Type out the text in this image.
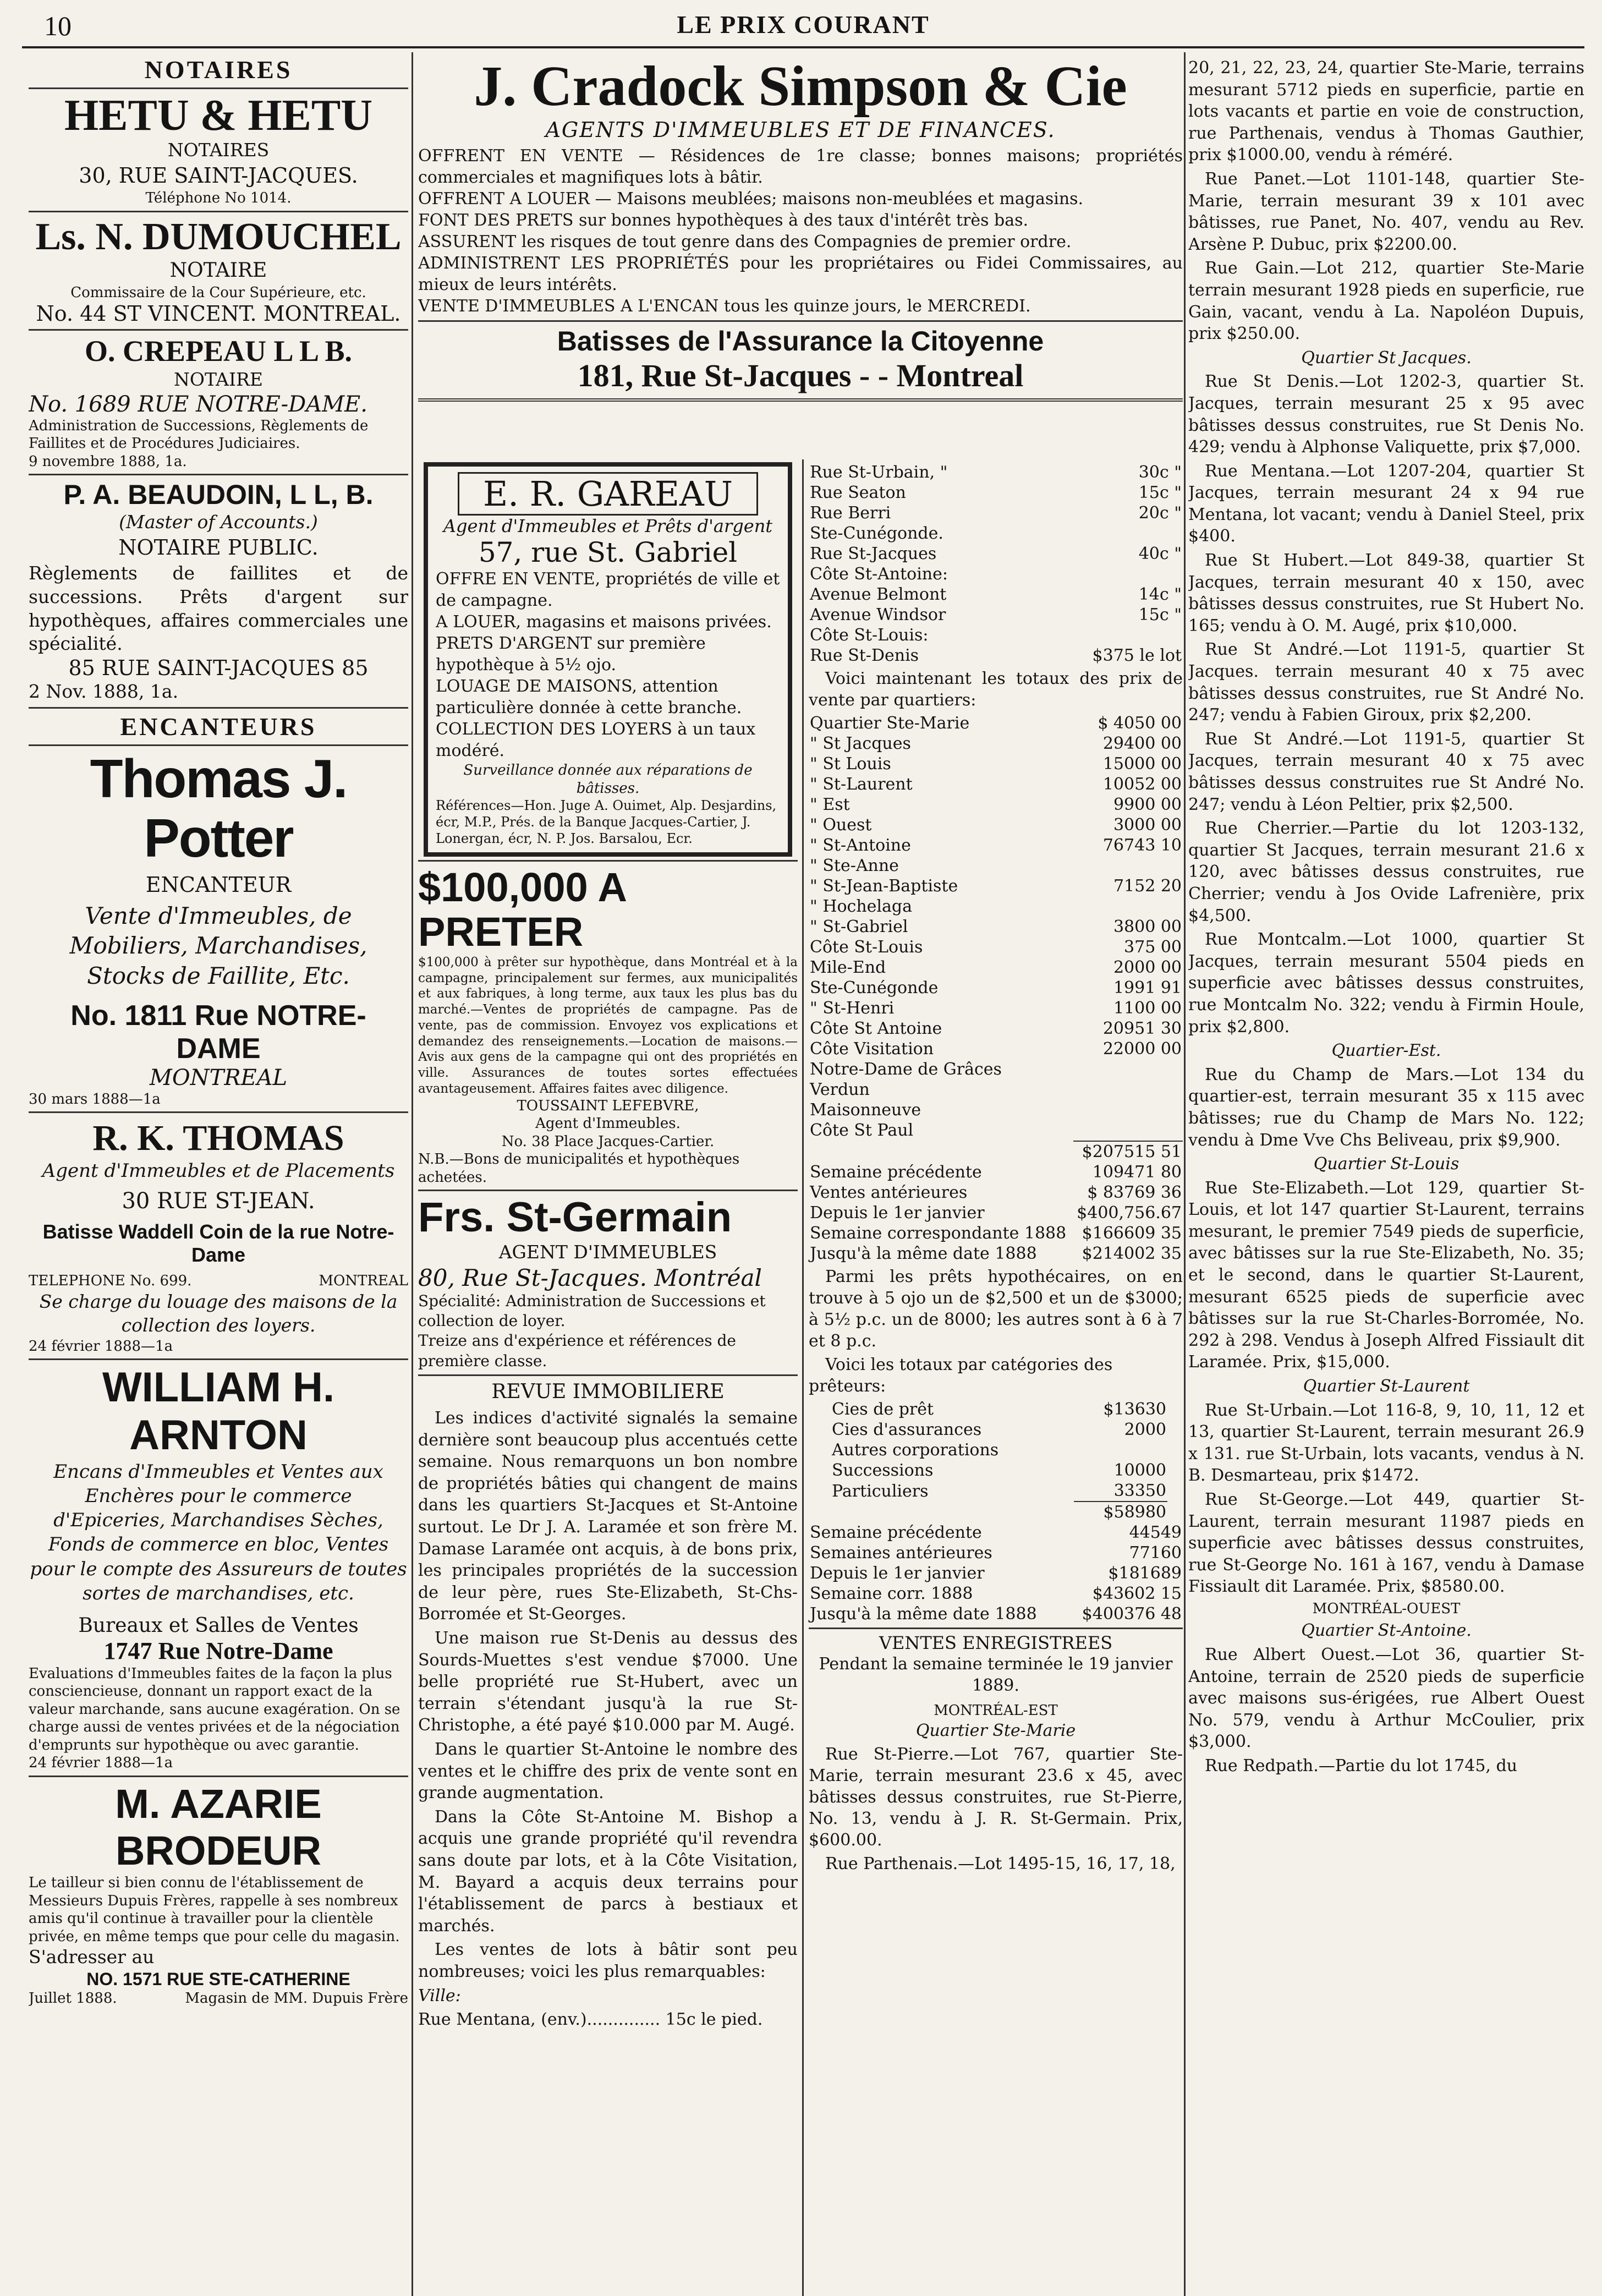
10	LE PRIX COURANT
NOTAIRES
HETU & HETU
NOTAIRES
30, RUE SAINT-JACQUES.
Téléphone No 1014.
Ls. N. DUMOUCHEL
NOTAIRE
Commissaire de la Cour Supérieure, etc.
No. 44 ST VINCENT. MONTREAL.
O. CREPEAU L L B.
NOTAIRE
No. 1689 RUE NOTRE-DAME.
Administration de Successions, Règlements de Faillites et de Procédures Judiciaires.
9 novembre 1888, 1a.
P. A. BEAUDOIN, L L, B.
(Master of Accounts.)
NOTAIRE PUBLIC.
Règlements de faillites et de successions. Prêts d'argent sur hypothèques, affaires commerciales une spécialité.
85 RUE SAINT-JACQUES 85
2 Nov. 1888, 1a.
ENCANTEURS
Thomas J. Potter
ENCANTEUR
Vente d'Immeubles, de Mobiliers, Marchandises, Stocks de Faillite, Etc.
No. 1811 Rue NOTRE-DAME
MONTREAL
30 mars 1888—1a
R. K. THOMAS
Agent d'Immeubles et de Placements
30 RUE ST-JEAN.
Batisse Waddell Coin de la rue Notre-Dame
TELEPHONE No. 699.	MONTREAL
Se charge du louage des maisons de la collection des loyers.
24 février 1888—1a
WILLIAM H. ARNTON
Encans d'Immeubles et Ventes aux Enchères pour le commerce d'Epiceries, Marchandises Sèches, Fonds de commerce en bloc, Ventes pour le compte des Assureurs de toutes sortes de marchandises, etc.
Bureaux et Salles de Ventes
1747 Rue Notre-Dame
Evaluations d'Immeubles faites de la façon la plus consciencieuse, donnant un rapport exact de la valeur marchande, sans aucune exagération. On se charge aussi de ventes privées et de la négociation d'emprunts sur hypothèque ou avec garantie.
24 février 1888—1a
M. AZARIE BRODEUR
Le tailleur si bien connu de l'établissement de Messieurs Dupuis Frères, rappelle à ses nombreux amis qu'il continue à travailler pour la clientèle privée, en même temps que pour celle du magasin.
S'adresser au
NO. 1571 RUE STE-CATHERINE
Juillet 1888.	Magasin de MM. Dupuis Frère
J. Cradock Simpson & Cie
AGENTS D'IMMEUBLES ET DE FINANCES.
OFFRENT EN VENTE — Résidences de 1re classe; bonnes maisons; propriétés commerciales et magnifiques lots à bâtir.
OFFRENT A LOUER — Maisons meublées; maisons non-meublées et magasins.
FONT DES PRETS sur bonnes hypothèques à des taux d'intérêt très bas.
ASSURENT les risques de tout genre dans des Compagnies de premier ordre.
ADMINISTRENT LES PROPRIÉTÉS pour les propriétaires ou Fidei Commissaires, au mieux de leurs intérêts.
VENTE D'IMMEUBLES A L'ENCAN tous les quinze jours, le MERCREDI.
Batisses de l'Assurance la Citoyenne
181, Rue St-Jacques - - Montreal
E. R. GAREAU
Agent d'Immeubles et Prêts d'argent
57, rue St. Gabriel
OFFRE EN VENTE, propriétés de ville et de campagne.
A LOUER, magasins et maisons privées.
PRETS D'ARGENT sur première hypothèque à 5½ ojo.
LOUAGE DE MAISONS, attention particulière donnée à cette branche.
COLLECTION DES LOYERS à un taux modéré.
Surveillance donnée aux réparations de bâtisses.
Références—Hon. Juge A. Ouimet, Alp. Desjardins, écr, M.P., Prés. de la Banque Jacques-Cartier, J. Lonergan, écr, N. P. Jos. Barsalou, Ecr.
$100,000 A PRETER
$100,000 à prêter sur hypothèque, dans Montréal et à la campagne, principalement sur fermes, aux municipalités et aux fabriques, à long terme, aux taux les plus bas du marché.—Ventes de propriétés de campagne. Pas de vente, pas de commission. Envoyez vos explications et demandez des renseignements.—Location de maisons.—Avis aux gens de la campagne qui ont des propriétés en ville. Assurances de toutes sortes effectuées avantageusement. Affaires faites avec diligence.
TOUSSAINT LEFEBVRE,
Agent d'Immeubles.
No. 38 Place Jacques-Cartier.
N.B.—Bons de municipalités et hypothèques achetées.
Frs. St-Germain
AGENT D'IMMEUBLES
80, Rue St-Jacques. Montréal
Spécialité: Administration de Successions et collection de loyer.
Treize ans d'expérience et références de première classe.
REVUE IMMOBILIERE

Les indices d'activité signalés la semaine dernière sont beaucoup plus accentués cette semaine. Nous remarquons un bon nombre de propriétés bâties qui changent de mains dans les quartiers St-Jacques et St-Antoine surtout. Le Dr J. A. Laramée et son frère M. Damase Laramée ont acquis, à de bons prix, les principales propriétés de la succession de leur père, rues Ste-Elizabeth, St-Chs-Borromée et St-Georges.

Une maison rue St-Denis au dessus des Sourds-Muettes s'est vendue $7000. Une belle propriété rue St-Hubert, avec un terrain s'étendant jusqu'à la rue St-Christophe, a été payé $10.000 par M. Augé.

Dans le quartier St-Antoine le nombre des ventes et le chiffre des prix de vente sont en grande augmentation.

Dans la Côte St-Antoine M. Bishop a acquis une grande propriété qu'il revendra sans doute par lots, et à la Côte Visitation, M. Bayard a acquis deux terrains pour l'établissement de parcs à bestiaux et marchés.

Les ventes de lots à bâtir sont peu nombreuses; voici les plus remarquables:

Ville:

Rue Mentana, (env.).............. 15c le pied.

Rue St-Urbain, "	30c "
Rue Seaton	15c "
Rue Berri	20c "
Ste-Cunégonde.	
Rue St-Jacques	40c "
Côte St-Antoine:	
Avenue Belmont	14c "
Avenue Windsor	15c "
Côte St-Louis:	
Rue St-Denis	$375 le lot

Voici maintenant les totaux des prix de vente par quartiers:

Quartier Ste-Marie	$ 4050 00
" St Jacques	29400 00
" St Louis	15000 00
" St-Laurent	10052 00
" Est	9900 00
" Ouest	3000 00
" St-Antoine	76743 10
" Ste-Anne	
" St-Jean-Baptiste	7152 20
" Hochelaga	
" St-Gabriel	3800 00
Côte St-Louis	375 00
Mile-End	2000 00
Ste-Cunégonde	1991 91
" St-Henri	1100 00
Côte St Antoine	20951 30
Côte Visitation	22000 00
Notre-Dame de Grâces	
Verdun	
Maisonneuve	
Côte St Paul	
	$207515 51
Semaine précédente	109471 80
Ventes antérieures	$ 83769 36
Depuis le 1er janvier	$400,756.67
Semaine correspondante 1888	$166609 35
Jusqu'à la même date 1888	$214002 35

Parmi les prêts hypothécaires, on en trouve à 5 ojo un de $2,500 et un de $3000; à 5½ p.c. un de 8000; les autres sont à 6 à 7 et 8 p.c.

Voici les totaux par catégories des prêteurs:

Cies de prêt	$13630
Cies d'assurances	2000
Autres corporations	
Successions	10000
Particuliers	33350
	$58980
Semaine précédente	44549
Semaines antérieures	77160
Depuis le 1er janvier	$181689
Semaine corr. 1888	$43602 15
Jusqu'à la même date 1888	$400376 48
VENTES ENREGISTREES
Pendant la semaine terminée le 19 janvier 1889.
MONTRÉAL-EST
Quartier Ste-Marie

Rue St-Pierre.—Lot 767, quartier Ste-Marie, terrain mesurant 23.6 x 45, avec bâtisses dessus construites, rue St-Pierre, No. 13, vendu à J. R. St-Germain. Prix, $600.00.

Rue Parthenais.—Lot 1495-15, 16, 17, 18,

20, 21, 22, 23, 24, quartier Ste-Marie, terrains mesurant 5712 pieds en superficie, partie en lots vacants et partie en voie de construction, rue Parthenais, vendus à Thomas Gauthier, prix $1000.00, vendu à réméré.

Rue Panet.—Lot 1101-148, quartier Ste-Marie, terrain mesurant 39 x 101 avec bâtisses, rue Panet, No. 407, vendu au Rev. Arsène P. Dubuc, prix $2200.00.

Rue Gain.—Lot 212, quartier Ste-Marie terrain mesurant 1928 pieds en superficie, rue Gain, vacant, vendu à La. Napoléon Dupuis, prix $250.00.

Quartier St Jacques.

Rue St Denis.—Lot 1202-3, quartier St. Jacques, terrain mesurant 25 x 95 avec bâtisses dessus construites, rue St Denis No. 429; vendu à Alphonse Valiquette, prix $7,000.

Rue Mentana.—Lot 1207-204, quartier St Jacques, terrain mesurant 24 x 94 rue Mentana, lot vacant; vendu à Daniel Steel, prix $400.

Rue St Hubert.—Lot 849-38, quartier St Jacques, terrain mesurant 40 x 150, avec bâtisses dessus construites, rue St Hubert No. 165; vendu à O. M. Augé, prix $10,000.

Rue St André.—Lot 1191-5, quartier St Jacques. terrain mesurant 40 x 75 avec bâtisses dessus construites, rue St André No. 247; vendu à Fabien Giroux, prix $2,200.

Rue St André.—Lot 1191-5, quartier St Jacques, terrain mesurant 40 x 75 avec bâtisses dessus construites rue St André No. 247; vendu à Léon Peltier, prix $2,500.

Rue Cherrier.—Partie du lot 1203-132, quartier St Jacques, terrain mesurant 21.6 x 120, avec bâtisses dessus construites, rue Cherrier; vendu à Jos Ovide Lafrenière, prix $4,500.

Rue Montcalm.—Lot 1000, quartier St Jacques, terrain mesurant 5504 pieds en superficie avec bâtisses dessus construites, rue Montcalm No. 322; vendu à Firmin Houle, prix $2,800.

Quartier-Est.

Rue du Champ de Mars.—Lot 134 du quartier-est, terrain mesurant 35 x 115 avec bâtisses; rue du Champ de Mars No. 122; vendu à Dme Vve Chs Beliveau, prix $9,900.

Quartier St-Louis

Rue Ste-Elizabeth.—Lot 129, quartier St-Louis, et lot 147 quartier St-Laurent, terrains mesurant, le premier 7549 pieds de superficie, avec bâtisses sur la rue Ste-Elizabeth, No. 35; et le second, dans le quartier St-Laurent, mesurant 6525 pieds de superficie avec bâtisses sur la rue St-Charles-Borromée, No. 292 à 298. Vendus à Joseph Alfred Fissiault dit Laramée. Prix, $15,000.

Quartier St-Laurent

Rue St-Urbain.—Lot 116-8, 9, 10, 11, 12 et 13, quartier St-Laurent, terrain mesurant 26.9 x 131. rue St-Urbain, lots vacants, vendus à N. B. Desmarteau, prix $1472.

Rue St-George.—Lot 449, quartier St-Laurent, terrain mesurant 11987 pieds en superficie avec bâtisses dessus construites, rue St-George No. 161 à 167, vendu à Damase Fissiault dit Laramée. Prix, $8580.00.

MONTRÉAL-OUEST

Quartier St-Antoine.

Rue Albert Ouest.—Lot 36, quartier St-Antoine, terrain de 2520 pieds de superficie avec maisons sus-érigées, rue Albert Ouest No. 579, vendu à Arthur McCoulier, prix $3,000.

Rue Redpath.—Partie du lot 1745, du
